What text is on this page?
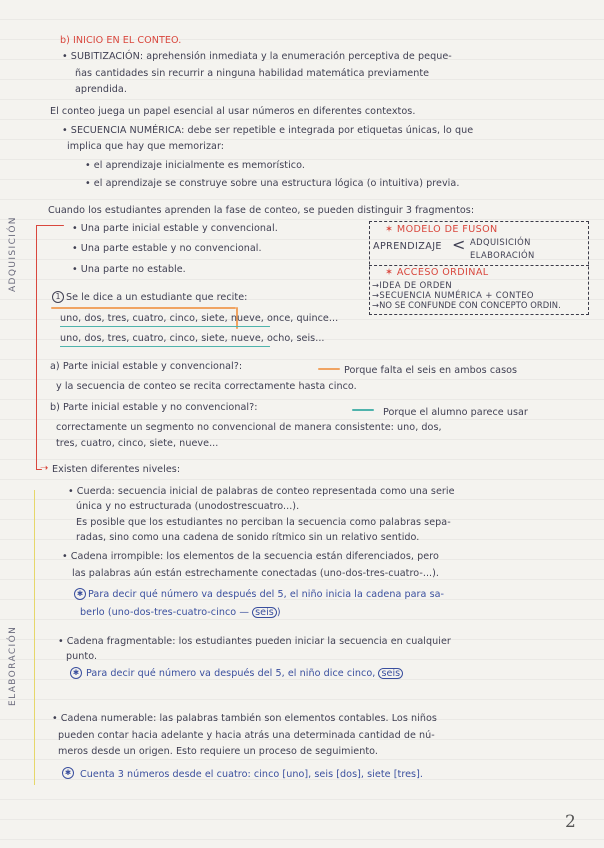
ADQUISICIÓN
ELABORACIÓN
➝
b) INICIO EN EL CONTEO.
• SUBITIZACIÓN: aprehensión inmediata y la enumeración perceptiva de peque-
ñas cantidades sin recurrir a ninguna habilidad matemática previamente
aprendida.
El conteo juega un papel esencial al usar números en diferentes contextos.
• SECUENCIA NUMÉRICA: debe ser repetible e integrada por etiquetas únicas, lo que
implica que hay que memorizar:
• el aprendizaje inicialmente es memorístico.
• el aprendizaje se construye sobre una estructura lógica (o intuitiva) previa.
Cuando los estudiantes aprenden la fase de conteo, se pueden distinguir 3 fragmentos:
• Una parte inicial estable y convencional.
• Una parte estable y no convencional.
• Una parte no estable.
✶ MODELO DE FUSON
APRENDIZAJE < ADQUISICIÓN
ELABORACIÓN
✶ ACCESO ORDINAL
→IDEA DE ORDEN
→SECUENCIA NUMÉRICA + CONTEO
→NO SE CONFUNDE CON CONCEPTO ORDIN.
1 Se le dice a un estudiante que recite:
uno, dos, tres, cuatro, cinco, siete, nueve, once, quince...
uno, dos, tres, cuatro, cinco, siete, nueve, ocho, seis...
a) Parte inicial estable y convencional?:	Porque falta el seis en ambos casos
y la secuencia de conteo se recita correctamente hasta cinco.
b) Parte inicial estable y no convencional?:	Porque el alumno parece usar
correctamente un segmento no convencional de manera consistente: uno, dos,
tres, cuatro, cinco, siete, nueve...
Existen diferentes niveles:
• Cuerda: secuencia inicial de palabras de conteo representada como una serie
única y no estructurada (unodostrescuatro...).
Es posible que los estudiantes no perciban la secuencia como palabras sepa-
radas, sino como una cadena de sonido rítmico sin un relativo sentido.
• Cadena irrompible: los elementos de la secuencia están diferenciados, pero
las palabras aún están estrechamente conectadas (uno-dos-tres-cuatro-...).
✱ Para decir qué número va después del 5, el niño inicia la cadena para sa-
berlo (uno-dos-tres-cuatro-cinco — seis )
• Cadena fragmentable: los estudiantes pueden iniciar la secuencia en cualquier
punto.
✱ Para decir qué número va después del 5, el niño dice cinco, seis
• Cadena numerable: las palabras también son elementos contables. Los niños
pueden contar hacia adelante y hacia atrás una determinada cantidad de nú-
meros desde un origen. Esto requiere un proceso de seguimiento.
✱ Cuenta 3 números desde el cuatro: cinco [uno], seis [dos], siete [tres].
2
